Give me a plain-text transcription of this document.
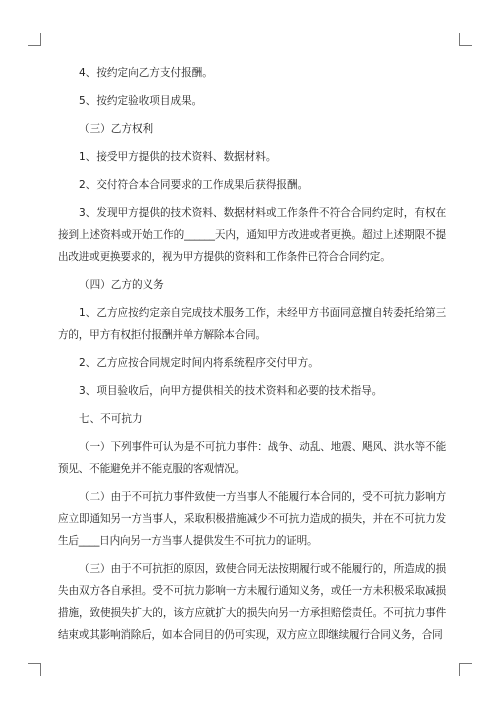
4、按约定向乙方支付报酬。

5、按约定验收项目成果。

（三）乙方权利

1、接受甲方提供的技术资料、数据材料。

2、交付符合本合同要求的工作成果后获得报酬。

3、发现甲方提供的技术资料、数据材料或工作条件不符合合同约定时，有权在接到上述资料或开始工作的______天内，通知甲方改进或者更换。超过上述期限不提出改进或更换要求的，视为甲方提供的资料和工作条件已符合合同约定。

（四）乙方的义务

1、乙方应按约定亲自完成技术服务工作，未经甲方书面同意擅自转委托给第三方的，甲方有权拒付报酬并单方解除本合同。

2、乙方应按合同规定时间内将系统程序交付甲方。

3、项目验收后，向甲方提供相关的技术资料和必要的技术指导。

七、不可抗力

（一）下列事件可认为是不可抗力事件：战争、动乱、地震、飓风、洪水等不能预见、不能避免并不能克服的客观情况。

（二）由于不可抗力事件致使一方当事人不能履行本合同的，受不可抗力影响方应立即通知另一方当事人，采取积极措施减少不可抗力造成的损失，并在不可抗力发生后____日内向另一方当事人提供发生不可抗力的证明。

（三）由于不可抗拒的原因，致使合同无法按期履行或不能履行的，所造成的损失由双方各自承担。受不可抗力影响一方未履行通知义务，或任一方未积极采取减损措施，致使损失扩大的，该方应就扩大的损失向另一方承担赔偿责任。不可抗力事件结束或其影响消除后，如本合同目的仍可实现，双方应立即继续履行合同义务，合同
